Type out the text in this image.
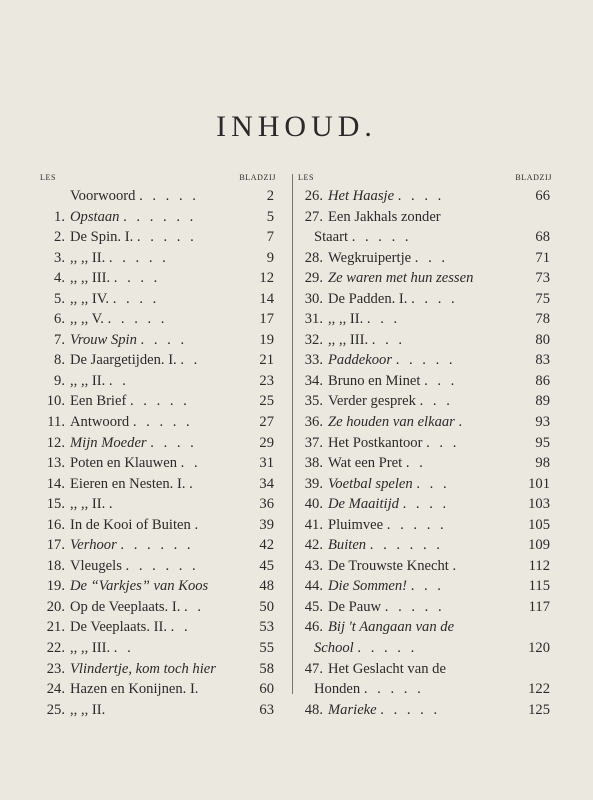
INHOUD.
LES	BLADZIJ
Voorwoord . . . . .	2
1. Opstaan . . . . . .	5
2. De Spin. I. . . . . .	7
3. ,, ,, II. . . . . .	9
4. ,, ,, III. . . . .	12
5. ,, ,, IV. . . . .	14
6. ,, ,, V. . . . . .	17
7. Vrouw Spin . . . .	19
8. De Jaargetijden. I. . .	21
9. ,, ,, II. . .	23
10. Een Brief . . . . .	25
11. Antwoord . . . . .	27
12. Mijn Moeder . . . .	29
13. Poten en Klauwen . .	31
14. Eieren en Nesten. I. .	34
15. ,, ,, II. .	36
16. In de Kooi of Buiten .	39
17. Verhoor . . . . . .	42
18. Vleugels . . . . . .	45
19. De “Varkjes” van Koos	48
20. Op de Veeplaats. I. . .	50
21. De Veeplaats. II. . .	53
22. ,, ,, III. . .	55
23. Vlindertje, kom toch hier	58
24. Hazen en Konijnen. I.	60
25. ,, ,, II.	63
LES	BLADZIJ
26. Het Haasje . . . .	66
27. Een Jakhals zonder
Staart . . . . .	68
28. Wegkruipertje . . .	71
29. Ze waren met hun zessen	73
30. De Padden. I. . . . .	75
31. ,, ,, II. . . .	78
32. ,, ,, III. . . .	80
33. Paddekoor . . . . .	83
34. Bruno en Minet . . .	86
35. Verder gesprek . . .	89
36. Ze houden van elkaar .	93
37. Het Postkantoor . . .	95
38. Wat een Pret . .	98
39. Voetbal spelen . . .	101
40. De Maaitijd . . . .	103
41. Pluimvee . . . . .	105
42. Buiten . . . . . .	109
43. De Trouwste Knecht .	112
44. Die Sommen! . . .	115
45. De Pauw . . . . .	117
46. Bij 't Aangaan van de
School . . . . .	120
47. Het Geslacht van de
Honden . . . . .	122
48. Marieke . . . . .	125
